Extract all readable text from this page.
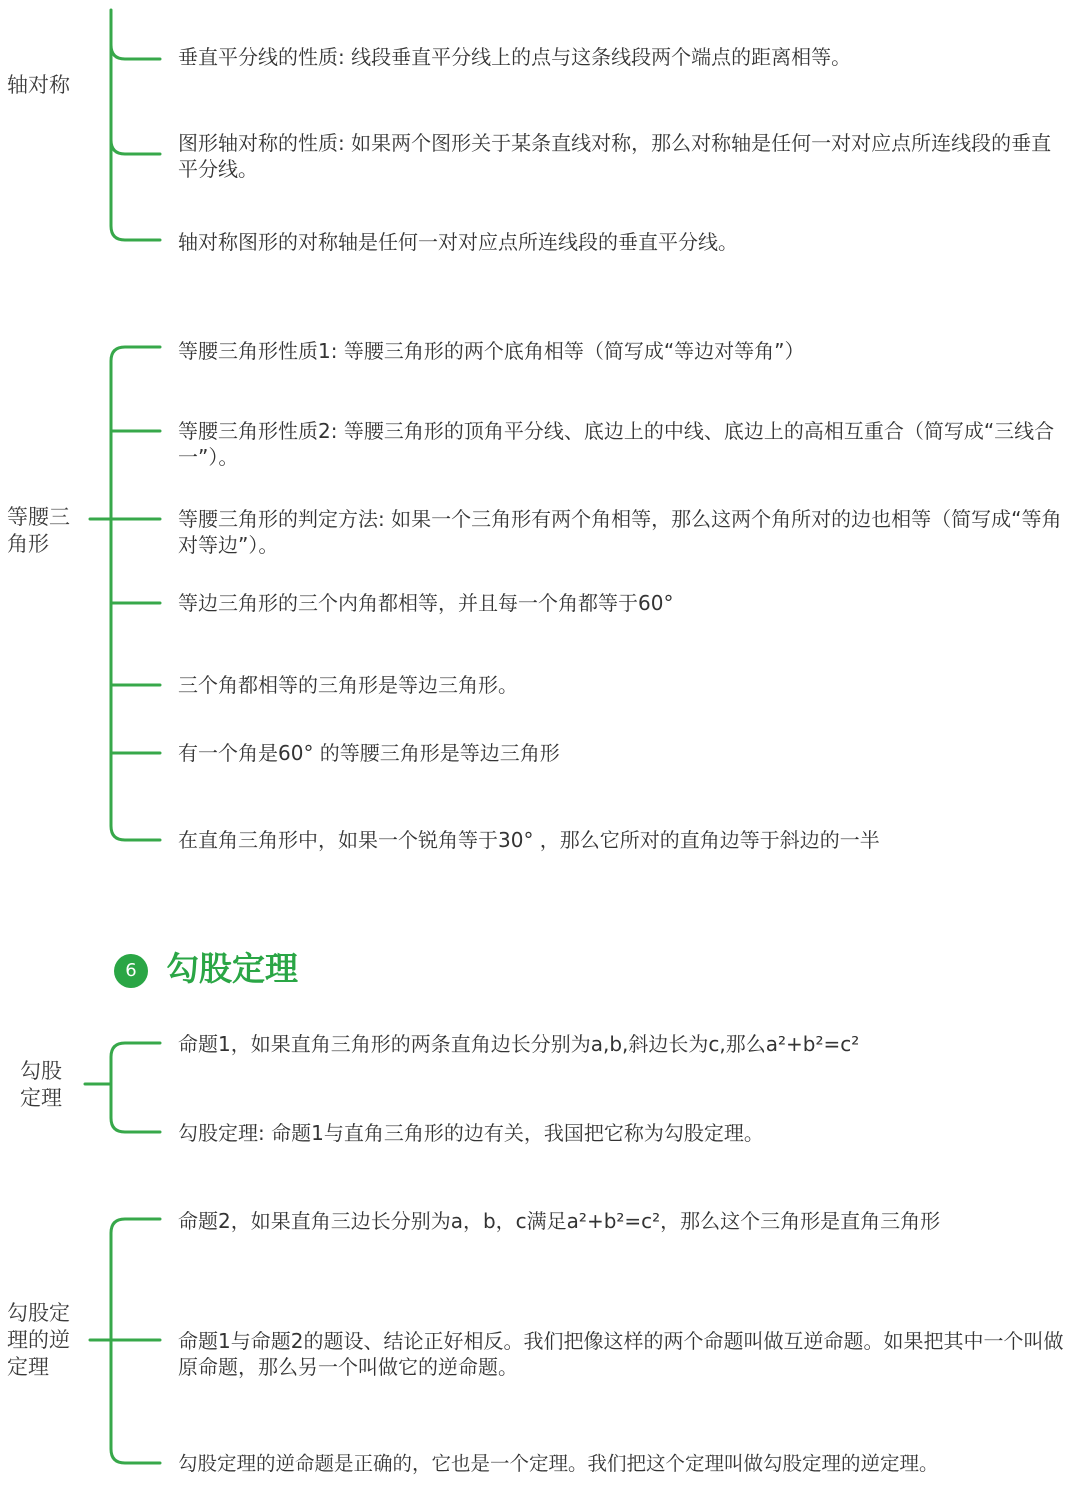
轴对称
垂直平分线的性质: 线段垂直平分线上的点与这条线段两个端点的距离相等。
图形轴对称的性质: 如果两个图形关于某条直线对称，那么对称轴是任何一对对应点所连线段的垂直平分线。
轴对称图形的对称轴是任何一对对应点所连线段的垂直平分线。
等腰三
角形
等腰三角形性质1: 等腰三角形的两个底角相等（简写成“等边对等角”）
等腰三角形性质2: 等腰三角形的顶角平分线、底边上的中线、底边上的高相互重合（简写成“三线合一”）。
等腰三角形的判定方法: 如果一个三角形有两个角相等，那么这两个角所对的边也相等（简写成“等角对等边”）。
等边三角形的三个内角都相等，并且每一个角都等于60°
三个角都相等的三角形是等边三角形。
有一个角是60° 的等腰三角形是等边三角形
在直角三角形中，如果一个锐角等于30° ，那么它所对的直角边等于斜边的一半
6 勾股定理
勾股
定理
命题1，如果直角三角形的两条直角边长分别为a,b,斜边长为c,那么a²+b²=c²
勾股定理: 命题1与直角三角形的边有关，我国把它称为勾股定理。
勾股定
理的逆
定理
命题2，如果直角三边长分别为a，b，c满足a²+b²=c²，那么这个三角形是直角三角形
命题1与命题2的题设、结论正好相反。我们把像这样的两个命题叫做互逆命题。如果把其中一个叫做原命题，那么另一个叫做它的逆命题。
勾股定理的逆命题是正确的，它也是一个定理。我们把这个定理叫做勾股定理的逆定理。
